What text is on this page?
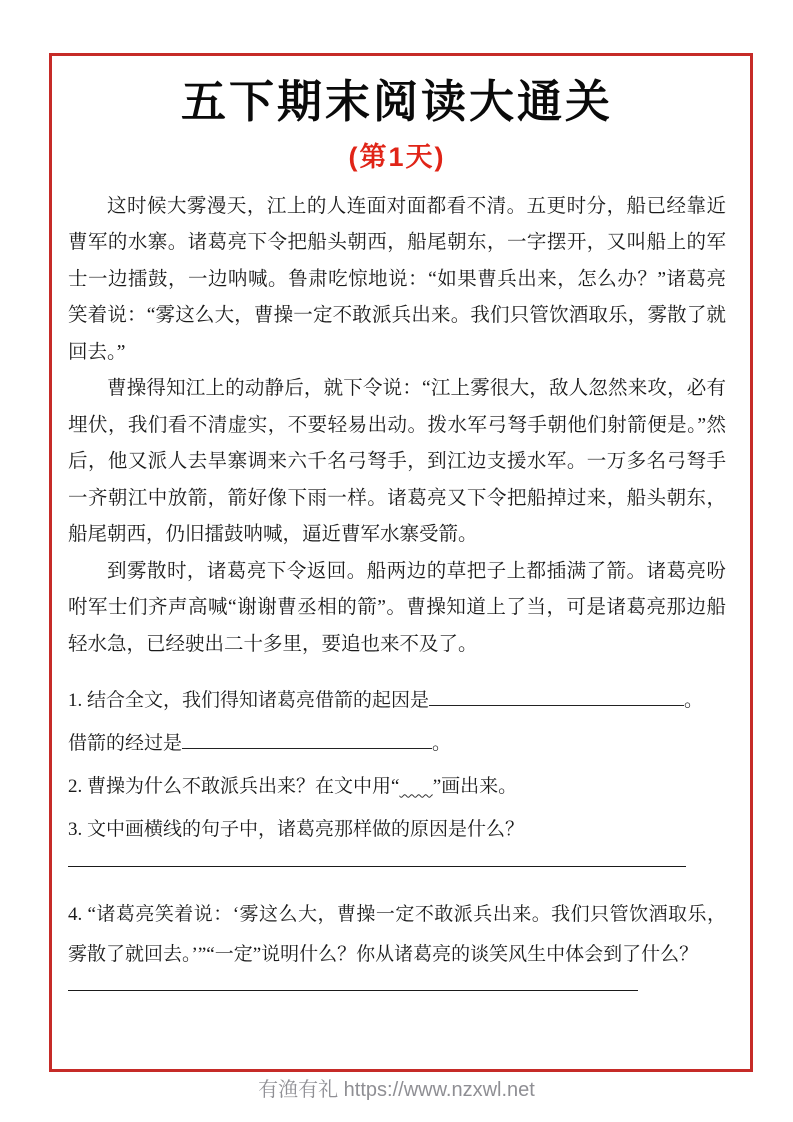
五下期末阅读大通关
(第1天)

这时候大雾漫天，江上的人连面对面都看不清。五更时分，船已经靠近曹军的水寨。诸葛亮下令把船头朝西，船尾朝东，一字摆开，又叫船上的军士一边擂鼓，一边呐喊。鲁肃吃惊地说：“如果曹兵出来，怎么办？”诸葛亮笑着说：“雾这么大，曹操一定不敢派兵出来。我们只管饮酒取乐，雾散了就回去。”

曹操得知江上的动静后，就下令说：“江上雾很大，敌人忽然来攻，必有埋伏，我们看不清虚实，不要轻易出动。拨水军弓弩手朝他们射箭便是。”然后，他又派人去旱寨调来六千名弓弩手，到江边支援水军。一万多名弓弩手一齐朝江中放箭，箭好像下雨一样。诸葛亮又下令把船掉过来，船头朝东，船尾朝西，仍旧擂鼓呐喊，逼近曹军水寨受箭。

到雾散时，诸葛亮下令返回。船两边的草把子上都插满了箭。诸葛亮吩咐军士们齐声高喊“谢谢曹丞相的箭”。曹操知道上了当，可是诸葛亮那边船轻水急，已经驶出二十多里，要追也来不及了。

1. 结合全文，我们得知诸葛亮借箭的起因是	。
借箭的经过是	。
2. 曹操为什么不敢派兵出来？在文中用“ ”画出来。
3. 文中画横线的句子中，诸葛亮那样做的原因是什么？

4. “诸葛亮笑着说：‘雾这么大，曹操一定不敢派兵出来。我们只管饮酒取乐，雾散了就回去。’”“一定”说明什么？你从诸葛亮的谈笑风生中体会到了什么？

有渔有礼 https://www.nzxwl.net
